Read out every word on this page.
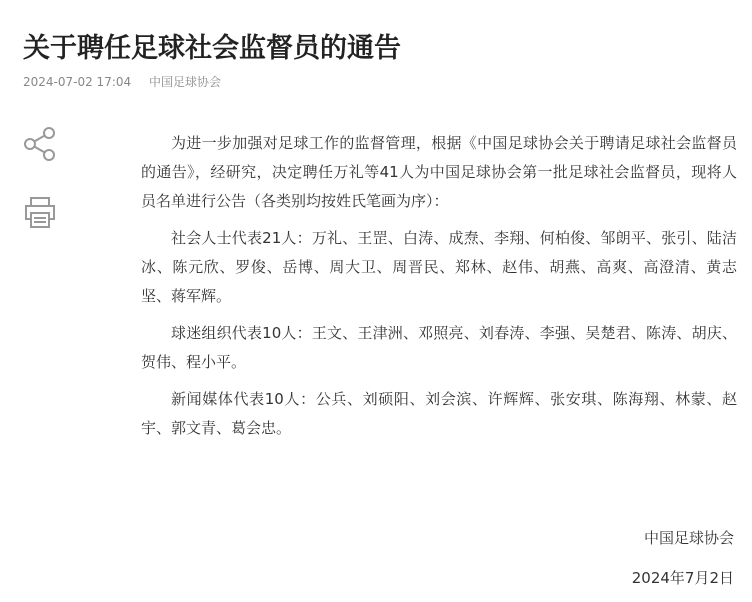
关于聘任足球社会监督员的通告
2024-07-02 17:04 中国足球协会

为进一步加强对足球工作的监督管理，根据《中国足球协会关于聘请足球社会监督员的通告》，经研究，决定聘任万礼等41人为中国足球协会第一批足球社会监督员，现将人员名单进行公告（各类别均按姓氏笔画为序）：

社会人士代表21人：万礼、王罡、白涛、成焘、李翔、何柏俊、邹朗平、张引、陆洁冰、陈元欣、罗俊、岳博、周大卫、周晋民、郑林、赵伟、胡燕、高爽、高澄清、黄志坚、蒋军辉。

球迷组织代表10人：王文、王津洲、邓照亮、刘春涛、李强、吴楚君、陈涛、胡庆、贺伟、程小平。

新闻媒体代表10人：公兵、刘硕阳、刘会滨、许辉辉、张安琪、陈海翔、林蒙、赵宇、郭文青、葛会忠。

中国足球协会
2024年7月2日
